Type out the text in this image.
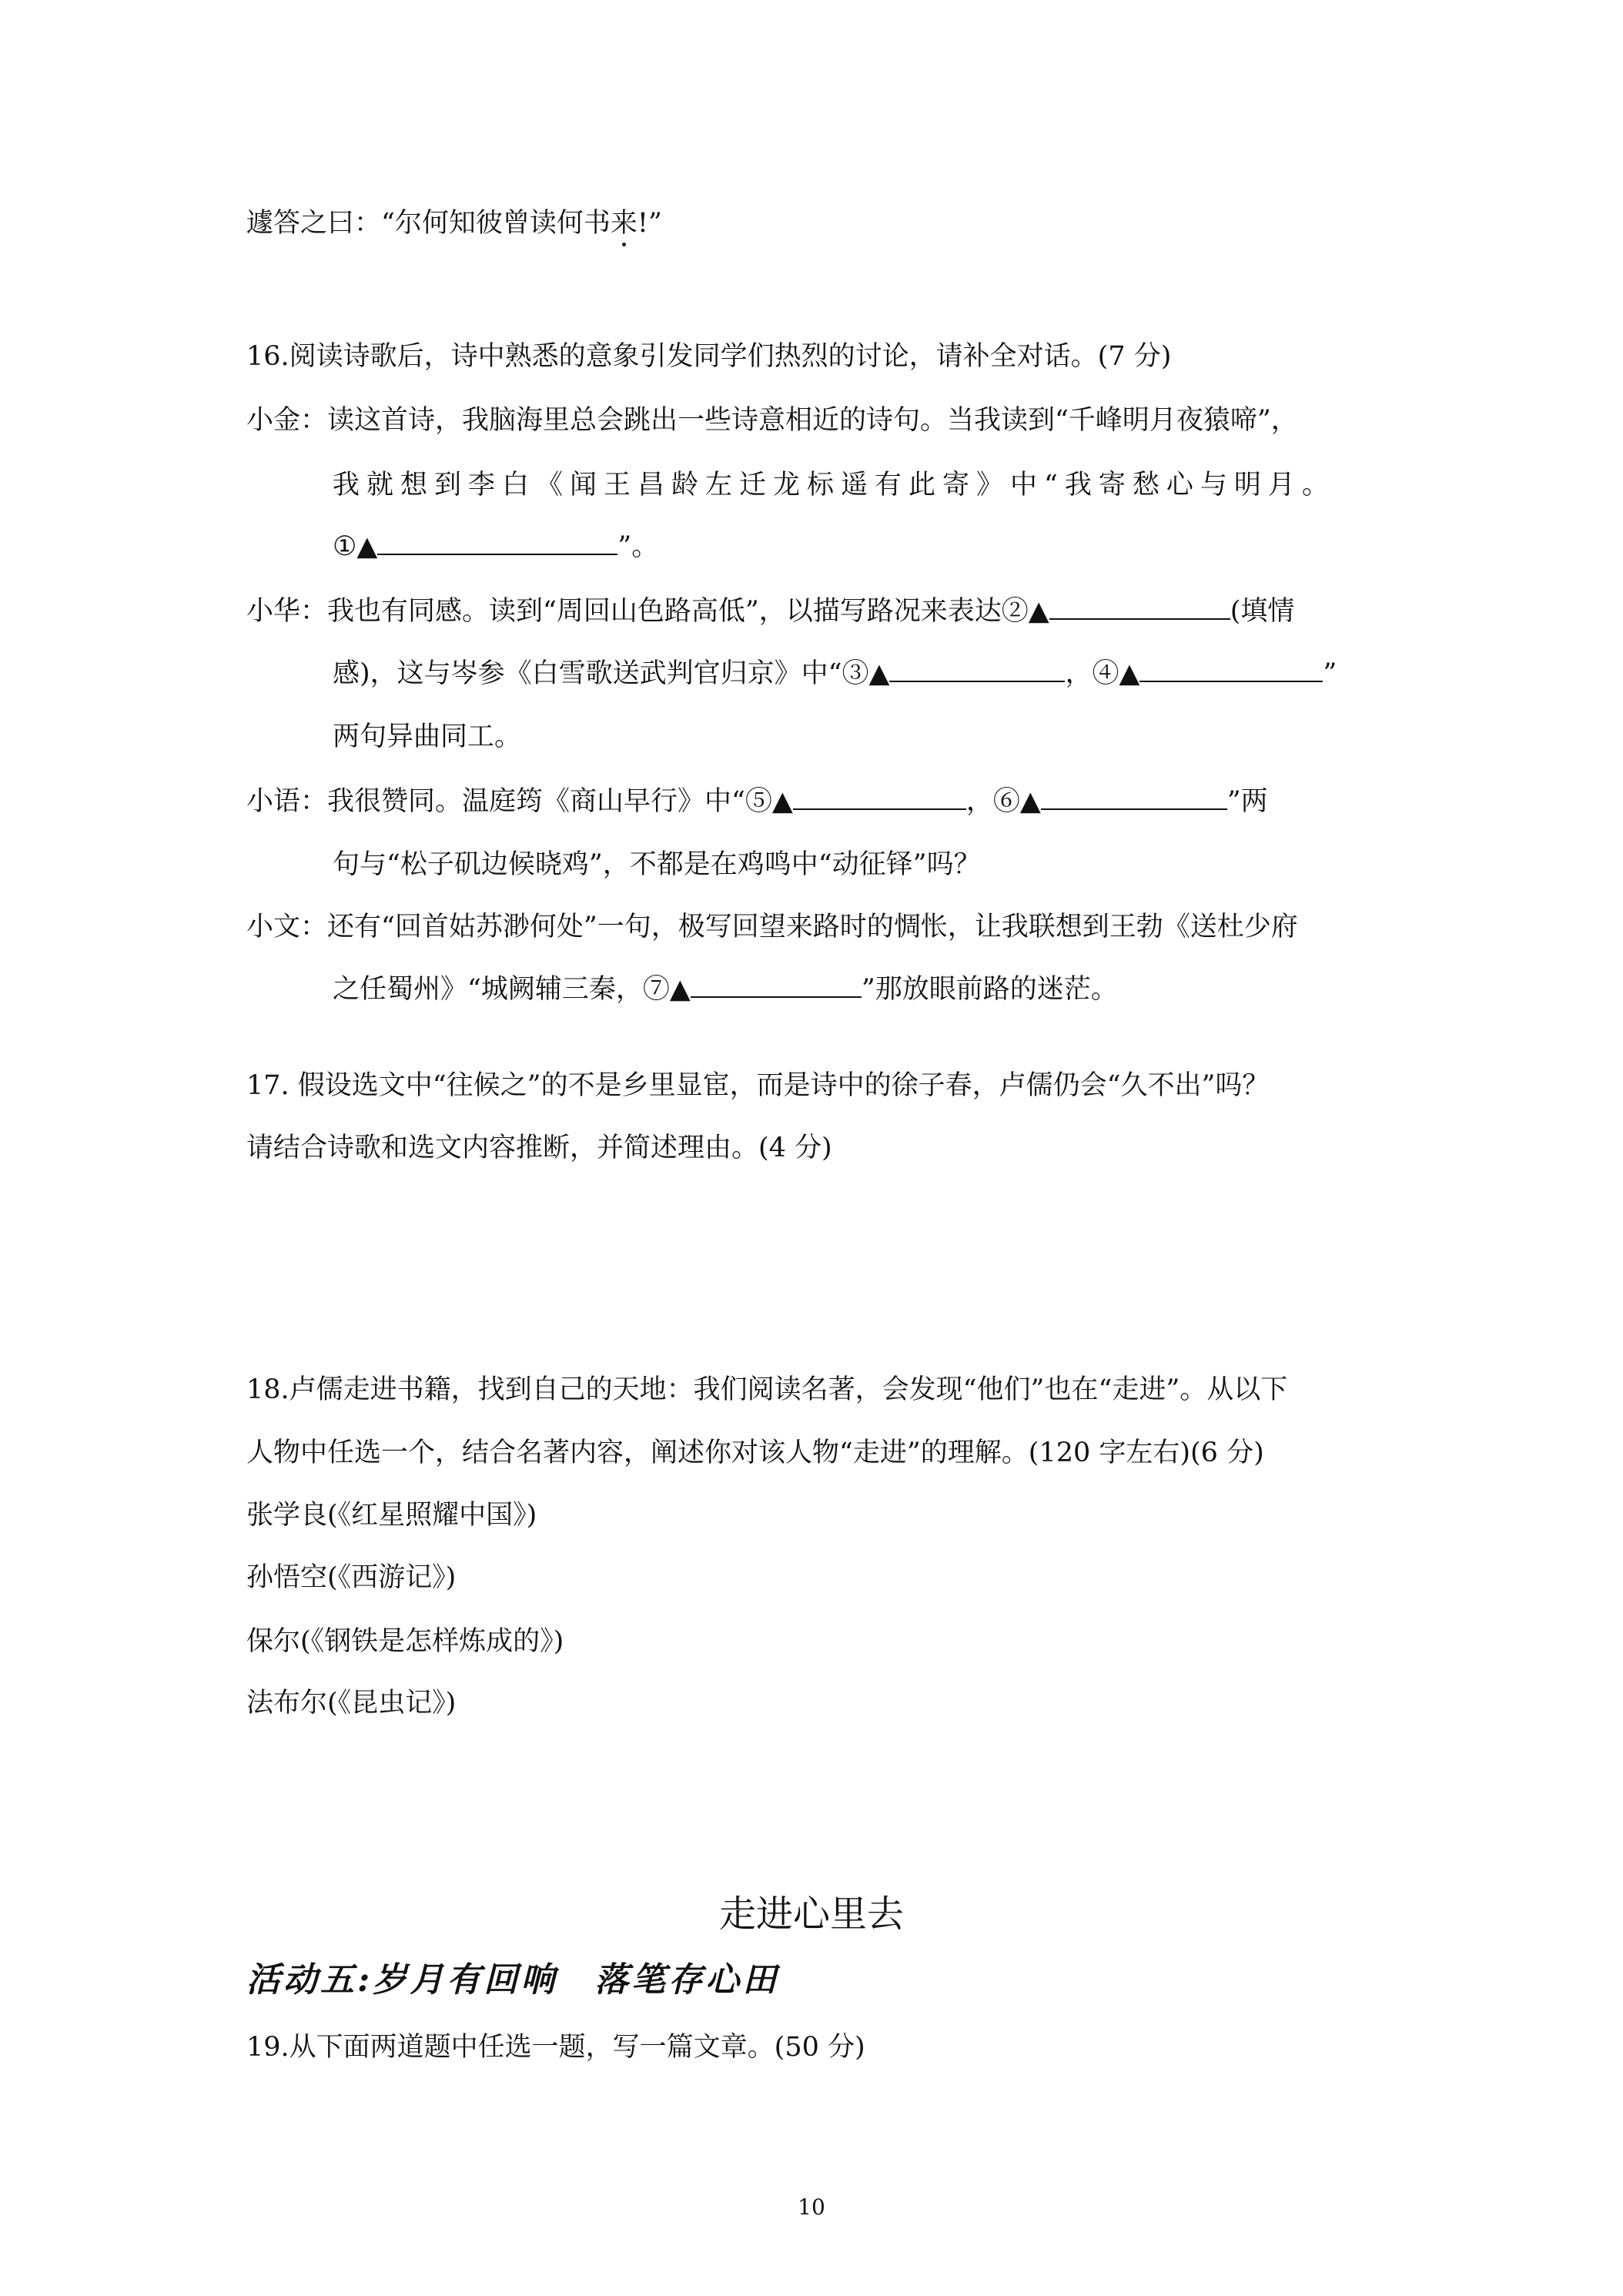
遽答之曰：“尔何知彼曾读何书来!”
16.阅读诗歌后，诗中熟悉的意象引发同学们热烈的讨论，请补全对话。(7 分)
小金：读这首诗，我脑海里总会跳出一些诗意相近的诗句。当我读到“千峰明月夜猿啼”，
我就想到李白《闻王昌龄左迁龙标遥有此寄》中“我寄愁心与明月。
①▲	”。
小华：我也有同感。读到“周回山色路高低”，以描写路况来表达②▲	(填情
感)，这与岑参《白雪歌送武判官归京》中“③▲	，④▲	”
两句异曲同工。
小语：我很赞同。温庭筠《商山早行》中“⑤▲	，⑥▲	”两
句与“松子矶边候晓鸡”，不都是在鸡鸣中“动征铎”吗？
小文：还有“回首姑苏渺何处”一句，极写回望来路时的惆怅，让我联想到王勃《送杜少府
之任蜀州》“城阙辅三秦，⑦▲	”那放眼前路的迷茫。
17. 假设选文中“往候之”的不是乡里显宦，而是诗中的徐子春，卢儒仍会“久不出”吗？
请结合诗歌和选文内容推断，并简述理由。(4 分)
18.卢儒走进书籍，找到自己的天地：我们阅读名著，会发现“他们”也在“走进”。从以下
人物中任选一个，结合名著内容，阐述你对该人物“走进”的理解。(120 字左右)(6 分)
张学良(《红星照耀中国》)
孙悟空(《西游记》)
保尔(《钢铁是怎样炼成的》)
法布尔(《昆虫记》)
走进心里去
活动五:岁月有回响　落笔存心田
19.从下面两道题中任选一题，写一篇文章。(50 分)
10
